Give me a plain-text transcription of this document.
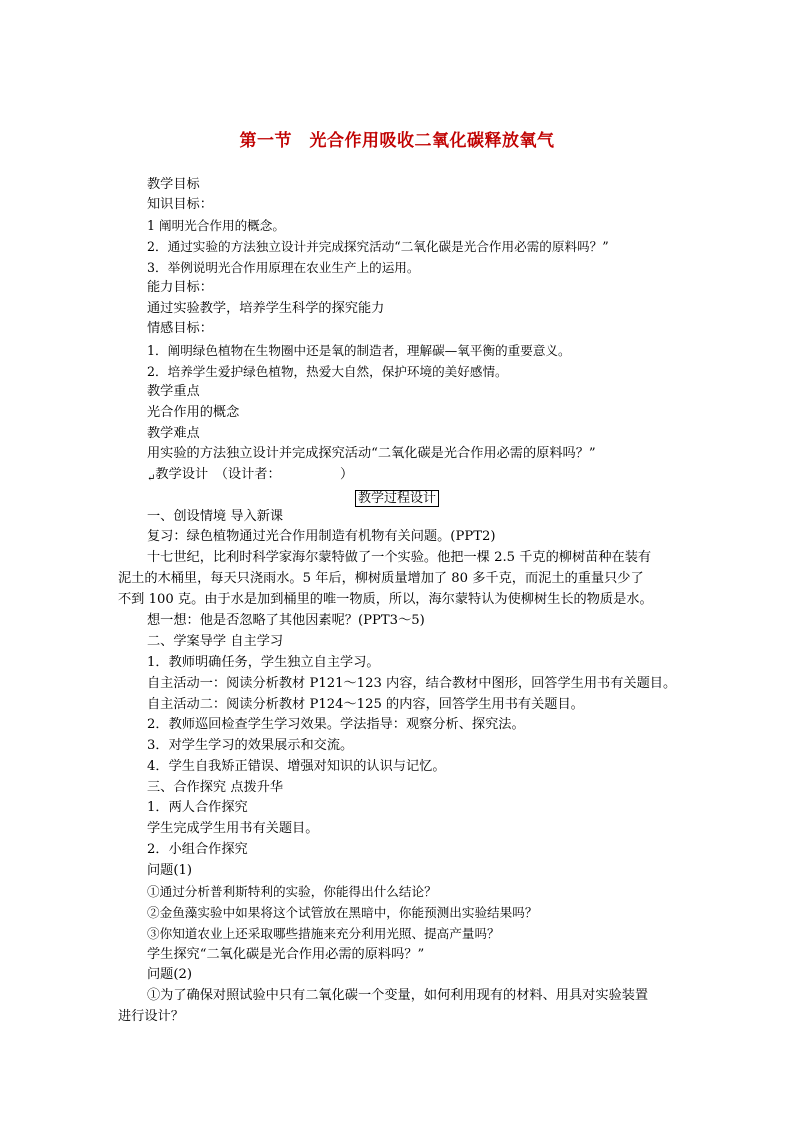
第一节　光合作用吸收二氧化碳释放氧气
教学目标
知识目标：
1 阐明光合作用的概念。
2．通过实验的方法独立设计并完成探究活动“二氧化碳是光合作用必需的原料吗？”
3．举例说明光合作用原理在农业生产上的运用。
能力目标：
通过实验教学，培养学生科学的探究能力
情感目标：
1．阐明绿色植物在生物圈中还是氧的制造者，理解碳—氧平衡的重要意义。
2．培养学生爱护绿色植物，热爱大自然，保护环境的美好感情。
教学重点
光合作用的概念
教学难点
用实验的方法独立设计并完成探究活动“二氧化碳是光合作用必需的原料吗？”
$_↵$教学设计　（设计者：　　　　　）
教学过程设计
一、创设情境 导入新课
复习：绿色植物通过光合作用制造有机物有关问题。(PPT2)
十七世纪，比利时科学家海尔蒙特做了一个实验。他把一棵 2.5 千克的柳树苗种在装有
泥土的木桶里，每天只浇雨水。5 年后，柳树质量增加了 80 多千克，而泥土的重量只少了
不到 100 克。由于水是加到桶里的唯一物质，所以，海尔蒙特认为使柳树生长的物质是水。
想一想：他是否忽略了其他因素呢？(PPT3～5)
二、学案导学 自主学习
1．教师明确任务，学生独立自主学习。
自主活动一：阅读分析教材 P121～123 内容，结合教材中图形，回答学生用书有关题目。
自主活动二：阅读分析教材 P124～125 的内容，回答学生用书有关题目。
2．教师巡回检查学生学习效果。学法指导：观察分析、探究法。
3．对学生学习的效果展示和交流。
4．学生自我矫正错误、增强对知识的认识与记忆。
三、合作探究 点拨升华
1．两人合作探究
学生完成学生用书有关题目。
2．小组合作探究
问题(1)
①通过分析普利斯特利的实验，你能得出什么结论？
②金鱼藻实验中如果将这个试管放在黑暗中，你能预测出实验结果吗？
③你知道农业上还采取哪些措施来充分利用光照、提高产量吗？
学生探究“二氧化碳是光合作用必需的原料吗？”
问题(2)
①为了确保对照试验中只有二氧化碳一个变量，如何利用现有的材料、用具对实验装置
进行设计？
